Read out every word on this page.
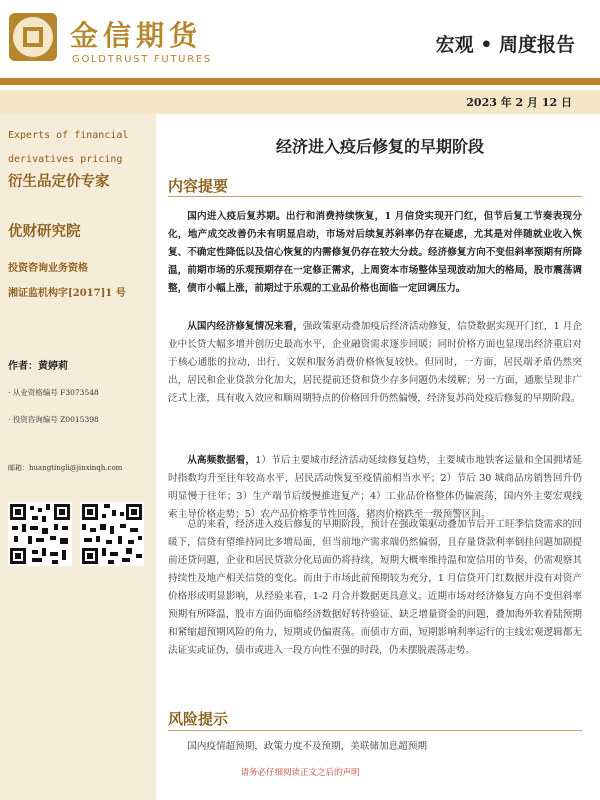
金信期货
GOLDTRUST FUTURES
宏观 • 周度报告
2023 年 2 月 12 日
Experts of financial derivatives pricing
衍生品定价专家
优财研究院
投资咨询业务资格
湘证监机构字[2017]1 号
作者：黄婷莉
· 从业资格编号 F3073548
· 投资咨询编号 Z0015398
邮箱：huangtingli@jinxinqh.com
经济进入疫后修复的早期阶段
内容提要
国内进入疫后复苏期。出行和消费持续恢复，1 月信贷实现开门红，但节后复工节奏表现分化，地产成交改善仍未有明显启动，市场对后续复苏斜率仍存在疑虑，尤其是对伴随就业收入恢复、不确定性降低以及信心恢复的内需修复仍存在较大分歧。经济修复方向不变但斜率预期有所降温，前期市场的乐观预期存在一定修正需求，上周资本市场整体呈现波动加大的格局，股市震荡调整，债市小幅上涨，前期过于乐观的工业品价格也面临一定回调压力。
从国内经济修复情况来看，强政策驱动叠加疫后经济活动修复，信贷数据实现开门红，1 月企业中长贷大幅多增并创历史最高水平，企业融资需求逐步回暖；同时价格方面也显现出经济重启对于核心通胀的拉动，出行、文娱和服务消费价格恢复较快。但同时，一方面，居民端矛盾仍然突出，居民和企业贷款分化加大，居民提前还贷和贷少存多问题仍未缓解；另一方面，通胀呈现非广泛式上涨，具有收入效应和顺周期特点的价格回升仍然偏慢，经济复苏尚处疫后修复的早期阶段。
从高频数据看，1）节后主要城市经济活动延续修复趋势，主要城市地铁客运量和全国拥堵延时指数均升至往年较高水平，居民活动恢复至疫情前相当水平；2）节后 30 城商品房销售回升仍明显慢于往年；3）生产端节后缓慢推进复产；4）工业品价格整体仍偏震荡，国内外主要宏观线索主导价格走势；5）农产品价格季节性回落，猪肉价格跌至一级预警区间。
总的来看，经济进入疫后修复的早期阶段，预计在强政策驱动叠加节后开工旺季信贷需求的回暖下，信贷有望维持同比多增局面，但当前地产需求端仍然偏弱，且存量贷款利率倒挂问题加剧提前还贷问题，企业和居民贷款分化局面仍将持续，短期大概率维持温和宽信用的节奏，仍需观察其持续性及地产相关信贷的变化。而由于市场此前预期较为充分，1 月信贷开门红数据并没有对资产价格形成明显影响，从经验来看，1-2 月合并数据更具意义。近期市场对经济修复方向不变但斜率预期有所降温，股市方面仍面临经济数据好转待验证、缺乏增量资金的问题，叠加海外软着陆预期和紧缩超预期风险的角力，短期或仍偏震荡。而债市方面，短期影响利率运行的主线宏观逻辑都无法证实或证伪，债市或进入一段方向性不强的时段，仍未摆脱震荡走势。
风险提示
国内疫情超预期，政策力度不及预期，美联储加息超预期
请务必仔细阅读正文之后的声明
